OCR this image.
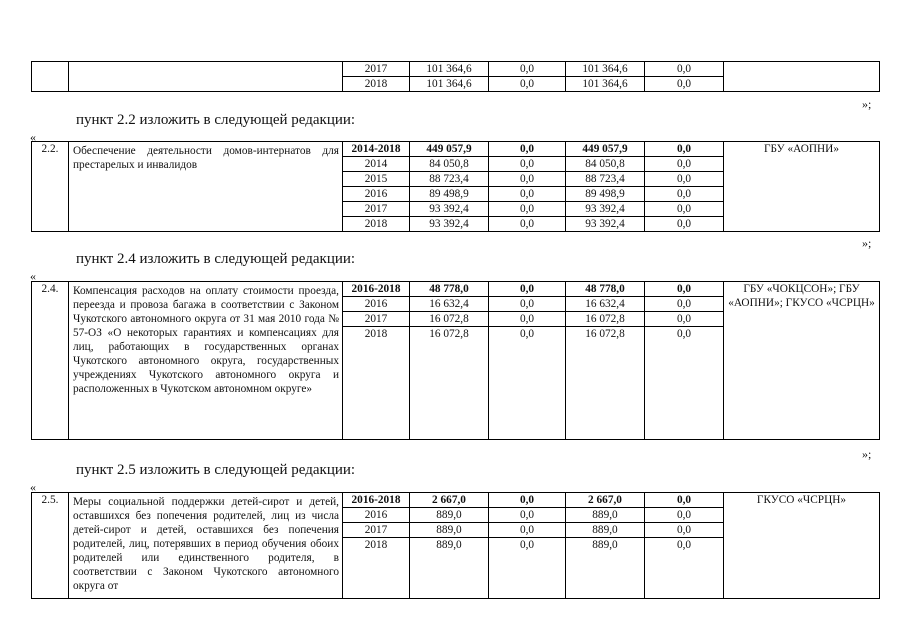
		2017	101 364,6	0,0	101 364,6	0,0	
		2018	101 364,6	0,0	101 364,6	0,0	
»;
пункт 2.2 изложить в следующей редакции:
«
2.2.	Обеспечение деятельности домов-интернатов для престарелых и инвалидов	2014-2018	449 057,9	0,0	449 057,9	0,0	ГБУ «АОПНИ»
		2014	84 050,8	0,0	84 050,8	0,0	
		2015	88 723,4	0,0	88 723,4	0,0	
		2016	89 498,9	0,0	89 498,9	0,0	
		2017	93 392,4	0,0	93 392,4	0,0	
		2018	93 392,4	0,0	93 392,4	0,0	
»;
пункт 2.4 изложить в следующей редакции:
«
2.4.	Компенсация расходов на оплату стоимости проезда, переезда и провоза багажа в соответствии с Законом Чукотского автономного округа от 31 мая 2010 года № 57-ОЗ «О некоторых гарантиях и компенсациях для лиц, работающих в государственных органах Чукотского автономного округа, государственных учреждениях Чукотского автономного округа и расположенных в Чукотском автономном округе»	2016-2018	48 778,0	0,0	48 778,0	0,0	ГБУ «ЧОКЦСОН»; ГБУ «АОПНИ»; ГКУСО «ЧСРЦН»
		2016	16 632,4	0,0	16 632,4	0,0	
		2017	16 072,8	0,0	16 072,8	0,0	
		2018	16 072,8	0,0	16 072,8	0,0	
»;
пункт 2.5 изложить в следующей редакции:
«
2.5.	Меры социальной поддержки детей-сирот и детей, оставшихся без попечения родителей, лиц из числа детей-сирот и детей, оставшихся без попечения родителей, лиц, потерявших в период обучения обоих родителей или единственного родителя, в соответствии с Законом Чукотского автономного округа от	2016-2018	2 667,0	0,0	2 667,0	0,0	ГКУСО «ЧСРЦН»
		2016	889,0	0,0	889,0	0,0	
		2017	889,0	0,0	889,0	0,0	
		2018	889,0	0,0	889,0	0,0	
